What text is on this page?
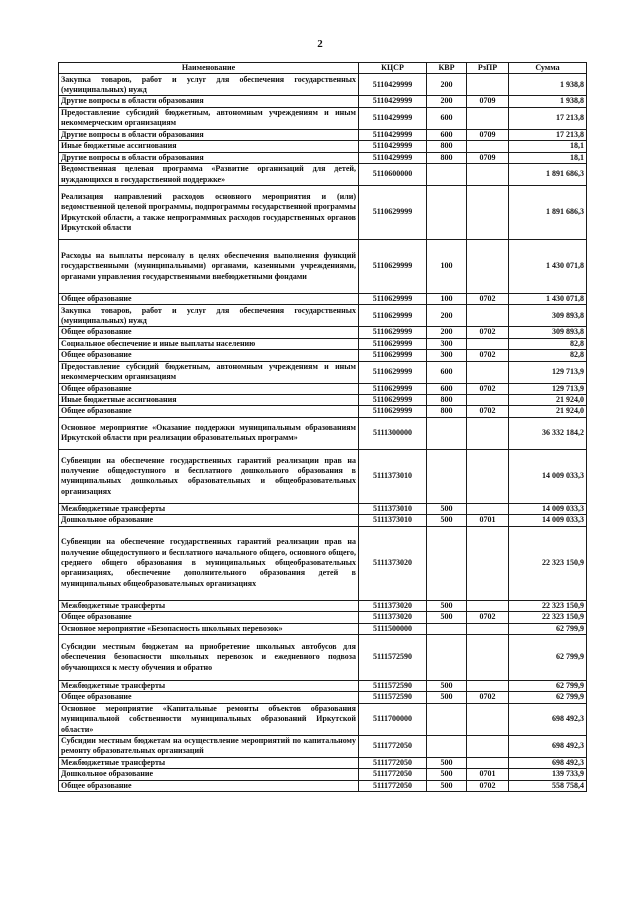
2
Наименование	КЦСР	КВР	РзПР	Сумма
Закупка товаров, работ и услуг для обеспечения государственных (муниципальных) нужд	5110429999	200		1 938,8
Другие вопросы в области образования	5110429999	200	0709	1 938,8
Предоставление субсидий бюджетным, автономным учреждениям и иным некоммерческим организациям	5110429999	600		17 213,8
Другие вопросы в области образования	5110429999	600	0709	17 213,8
Иные бюджетные ассигнования	5110429999	800		18,1
Другие вопросы в области образования	5110429999	800	0709	18,1
Ведомственная целевая программа «Развитие организаций для детей, нуждающихся в государственной поддержке»	5110600000			1 891 686,3
Реализация направлений расходов основного мероприятия и (или) ведомственной целевой программы, подпрограммы государственной программы Иркутской области, а также непрограммных расходов государственных органов Иркутской области	5110629999			1 891 686,3
Расходы на выплаты персоналу в целях обеспечения выполнения функций государственными (муниципальными) органами, казенными учреждениями, органами управления государственными внебюджетными фондами	5110629999	100		1 430 071,8
Общее образование	5110629999	100	0702	1 430 071,8
Закупка товаров, работ и услуг для обеспечения государственных (муниципальных) нужд	5110629999	200		309 893,8
Общее образование	5110629999	200	0702	309 893,8
Социальное обеспечение и иные выплаты населению	5110629999	300		82,8
Общее образование	5110629999	300	0702	82,8
Предоставление субсидий бюджетным, автономным учреждениям и иным некоммерческим организациям	5110629999	600		129 713,9
Общее образование	5110629999	600	0702	129 713,9
Иные бюджетные ассигнования	5110629999	800		21 924,0
Общее образование	5110629999	800	0702	21 924,0
Основное мероприятие «Оказание поддержки муниципальным образованиям Иркутской области при реализации образовательных программ»	5111300000			36 332 184,2
Субвенции на обеспечение государственных гарантий реализации прав на получение общедоступного и бесплатного дошкольного образования в муниципальных дошкольных образовательных и общеобразовательных организациях	5111373010			14 009 033,3
Межбюджетные трансферты	5111373010	500		14 009 033,3
Дошкольное образование	5111373010	500	0701	14 009 033,3
Субвенции на обеспечение государственных гарантий реализации прав на получение общедоступного и бесплатного начального общего, основного общего, среднего общего образования в муниципальных общеобразовательных организациях, обеспечение дополнительного образования детей в муниципальных общеобразовательных организациях	5111373020			22 323 150,9
Межбюджетные трансферты	5111373020	500		22 323 150,9
Общее образование	5111373020	500	0702	22 323 150,9
Основное мероприятие «Безопасность школьных перевозок»	5111500000			62 799,9
Субсидии местным бюджетам на приобретение школьных автобусов для обеспечения безопасности школьных перевозок и ежедневного подвоза обучающихся к месту обучения и обратно	5111572590			62 799,9
Межбюджетные трансферты	5111572590	500		62 799,9
Общее образование	5111572590	500	0702	62 799,9
Основное мероприятие «Капитальные ремонты объектов образования муниципальной собственности муниципальных образований Иркутской области»	5111700000			698 492,3
Субсидии местным бюджетам на осуществление мероприятий по капитальному ремонту образовательных организаций	5111772050			698 492,3
Межбюджетные трансферты	5111772050	500		698 492,3
Дошкольное образование	5111772050	500	0701	139 733,9
Общее образование	5111772050	500	0702	558 758,4
